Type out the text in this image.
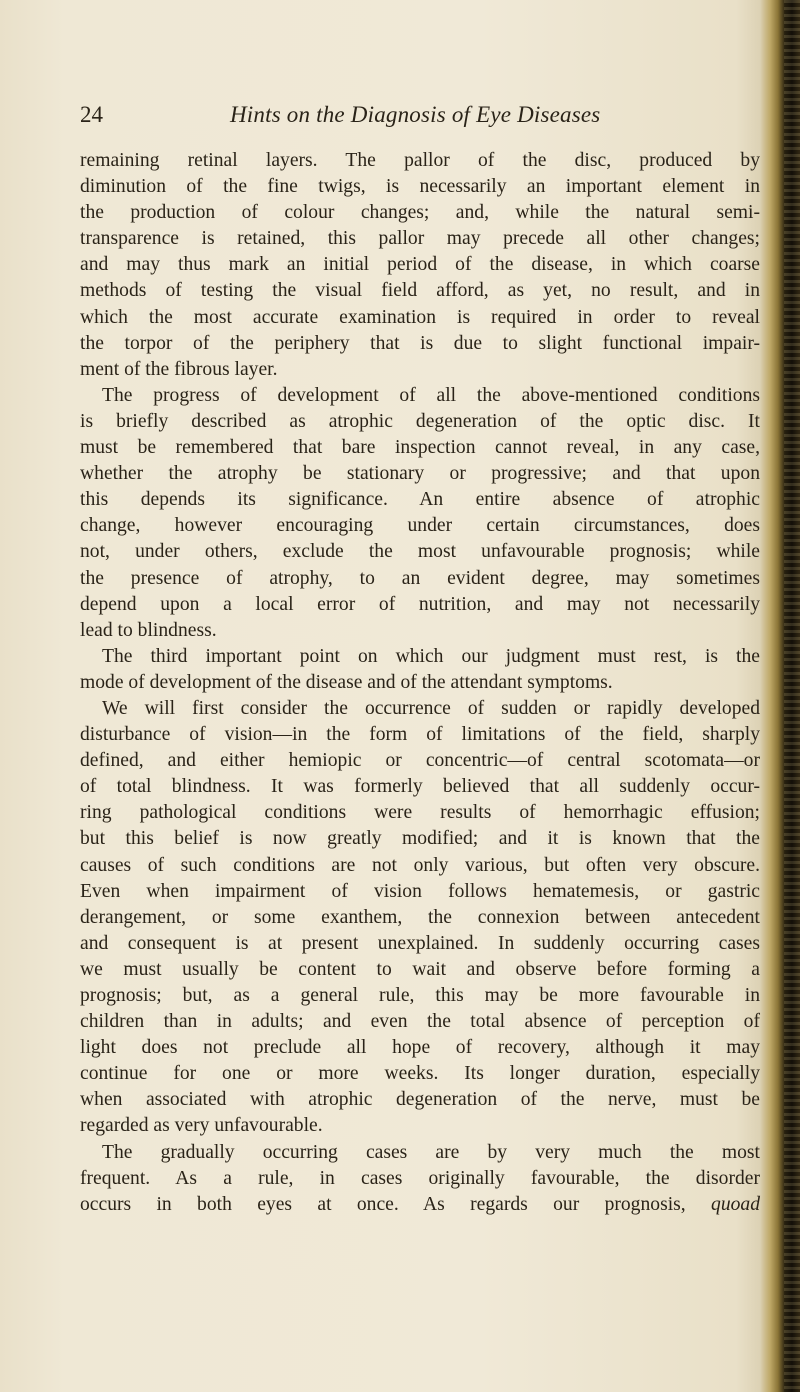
24	Hints on the Diagnosis of Eye Diseases
remaining retinal layers. The pallor of the disc, produced by
diminution of the fine twigs, is necessarily an important element in
the production of colour changes; and, while the natural semi-
transparence is retained, this pallor may precede all other changes;
and may thus mark an initial period of the disease, in which coarse
methods of testing the visual field afford, as yet, no result, and in
which the most accurate examination is required in order to reveal
the torpor of the periphery that is due to slight functional impair-
ment of the fibrous layer.
The progress of development of all the above-mentioned conditions
is briefly described as atrophic degeneration of the optic disc. It
must be remembered that bare inspection cannot reveal, in any case,
whether the atrophy be stationary or progressive; and that upon
this depends its significance. An entire absence of atrophic
change, however encouraging under certain circumstances, does
not, under others, exclude the most unfavourable prognosis; while
the presence of atrophy, to an evident degree, may sometimes
depend upon a local error of nutrition, and may not necessarily
lead to blindness.
The third important point on which our judgment must rest, is the
mode of development of the disease and of the attendant symptoms.
We will first consider the occurrence of sudden or rapidly developed
disturbance of vision—in the form of limitations of the field, sharply
defined, and either hemiopic or concentric—of central scotomata—or
of total blindness. It was formerly believed that all suddenly occur-
ring pathological conditions were results of hemorrhagic effusion;
but this belief is now greatly modified; and it is known that the
causes of such conditions are not only various, but often very obscure.
Even when impairment of vision follows hematemesis, or gastric
derangement, or some exanthem, the connexion between antecedent
and consequent is at present unexplained. In suddenly occurring cases
we must usually be content to wait and observe before forming a
prognosis; but, as a general rule, this may be more favourable in
children than in adults; and even the total absence of perception of
light does not preclude all hope of recovery, although it may
continue for one or more weeks. Its longer duration, especially
when associated with atrophic degeneration of the nerve, must be
regarded as very unfavourable.
The gradually occurring cases are by very much the most
frequent. As a rule, in cases originally favourable, the disorder
occurs in both eyes at once. As regards our prognosis, quoad
